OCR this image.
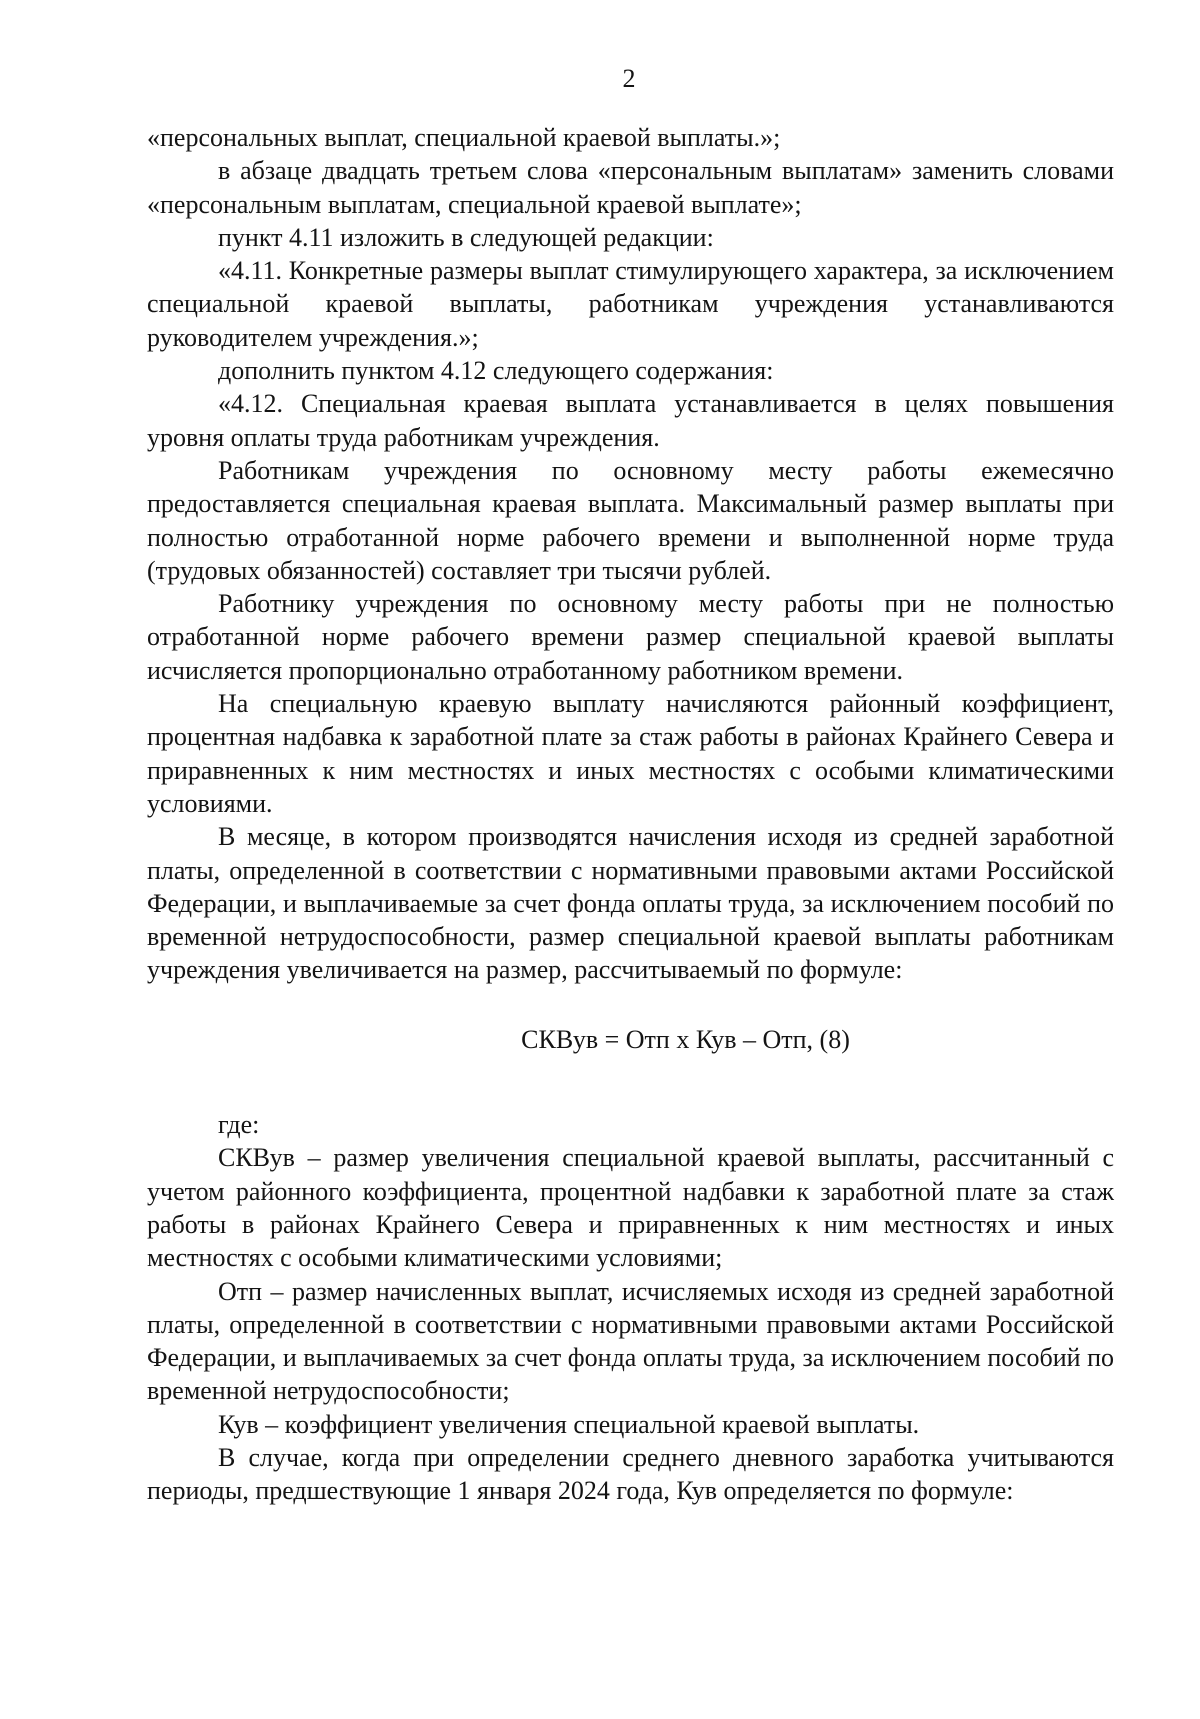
2

«персональных выплат, специальной краевой выплаты.»;

в абзаце двадцать третьем слова «персональным выплатам» заменить словами «персональным выплатам, специальной краевой выплате»;

пункт 4.11 изложить в следующей редакции:

«4.11. Конкретные размеры выплат стимулирующего характера, за исключением специальной краевой выплаты, работникам учреждения устанавливаются руководителем учреждения.»;

дополнить пунктом 4.12 следующего содержания:

«4.12. Специальная краевая выплата устанавливается в целях повышения уровня оплаты труда работникам учреждения.

Работникам учреждения по основному месту работы ежемесячно предоставляется специальная краевая выплата. Максимальный размер выплаты при полностью отработанной норме рабочего времени и выполненной норме труда (трудовых обязанностей) составляет три тысячи рублей.

Работнику учреждения по основному месту работы при не полностью отработанной норме рабочего времени размер специальной краевой выплаты исчисляется пропорционально отработанному работником времени.

На специальную краевую выплату начисляются районный коэффициент, процентная надбавка к заработной плате за стаж работы в районах Крайнего Севера и приравненных к ним местностях и иных местностях с особыми климатическими условиями.

В месяце, в котором производятся начисления исходя из средней заработной платы, определенной в соответствии с нормативными правовыми актами Российской Федерации, и выплачиваемые за счет фонда оплаты труда, за исключением пособий по временной нетрудоспособности, размер специальной краевой выплаты работникам учреждения увеличивается на размер, рассчитываемый по формуле:

СКВув = Отп х Кув – Отп, (8)

где:

СКВув – размер увеличения специальной краевой выплаты, рассчитанный с учетом районного коэффициента, процентной надбавки к заработной плате за стаж работы в районах Крайнего Севера и приравненных к ним местностях и иных местностях с особыми климатическими условиями;

Отп – размер начисленных выплат, исчисляемых исходя из средней заработной платы, определенной в соответствии с нормативными правовыми актами Российской Федерации, и выплачиваемых за счет фонда оплаты труда, за исключением пособий по временной нетрудоспособности;

Кув – коэффициент увеличения специальной краевой выплаты.

В случае, когда при определении среднего дневного заработка учитываются периоды, предшествующие 1 января 2024 года, Кув определяется по формуле:
